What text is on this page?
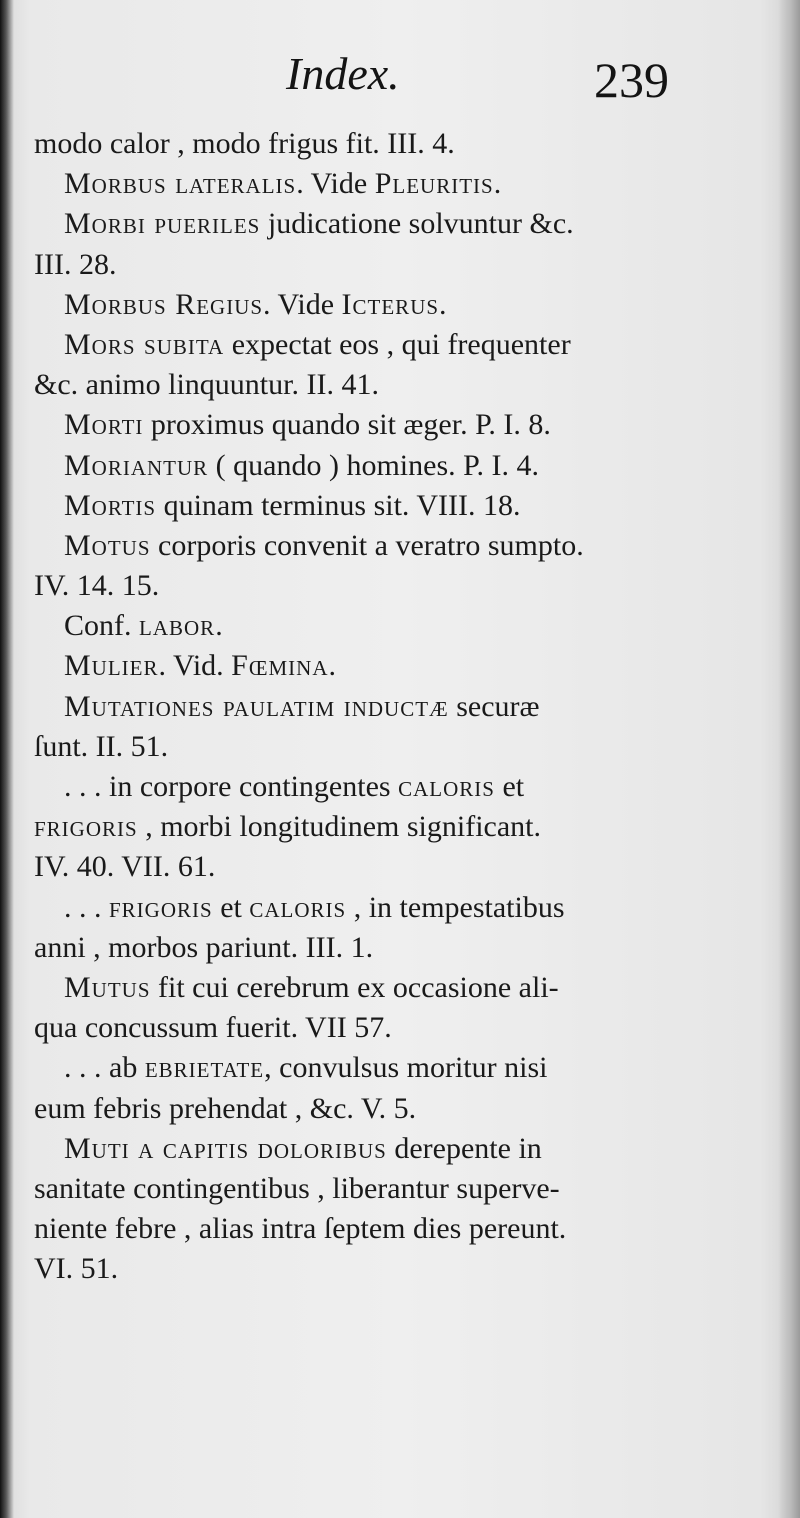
Index.	239
modo calor , modo frigus fit. III. 4.
Morbus lateralis. Vide Pleuritis.
Morbi pueriles judicatione solvuntur &c.
III. 28.
Morbus Regius. Vide Icterus.
Mors subita expectat eos , qui frequenter
&c. animo linquuntur. II. 41.
Morti proximus quando sit æger. P. I. 8.
Moriantur ( quando ) homines. P. I. 4.
Mortis quinam terminus sit. VIII. 18.
Motus corporis convenit a veratro sumpto.
IV. 14. 15.
Conf. labor.
Mulier. Vid. Fœmina.
Mutationes paulatim inductæ securæ
ſunt. II. 51.
. . . in corpore contingentes caloris et
frigoris , morbi longitudinem significant.
IV. 40. VII. 61.
. . . frigoris et caloris , in tempestatibus
anni , morbos pariunt. III. 1.
Mutus fit cui cerebrum ex occasione ali-
qua concussum fuerit. VII 57.
. . . ab ebrietate, convulsus moritur nisi
eum febris prehendat , &c. V. 5.
Muti a capitis doloribus derepente in
sanitate contingentibus , liberantur superve-
niente febre , alias intra ſeptem dies pereunt.
VI. 51.
